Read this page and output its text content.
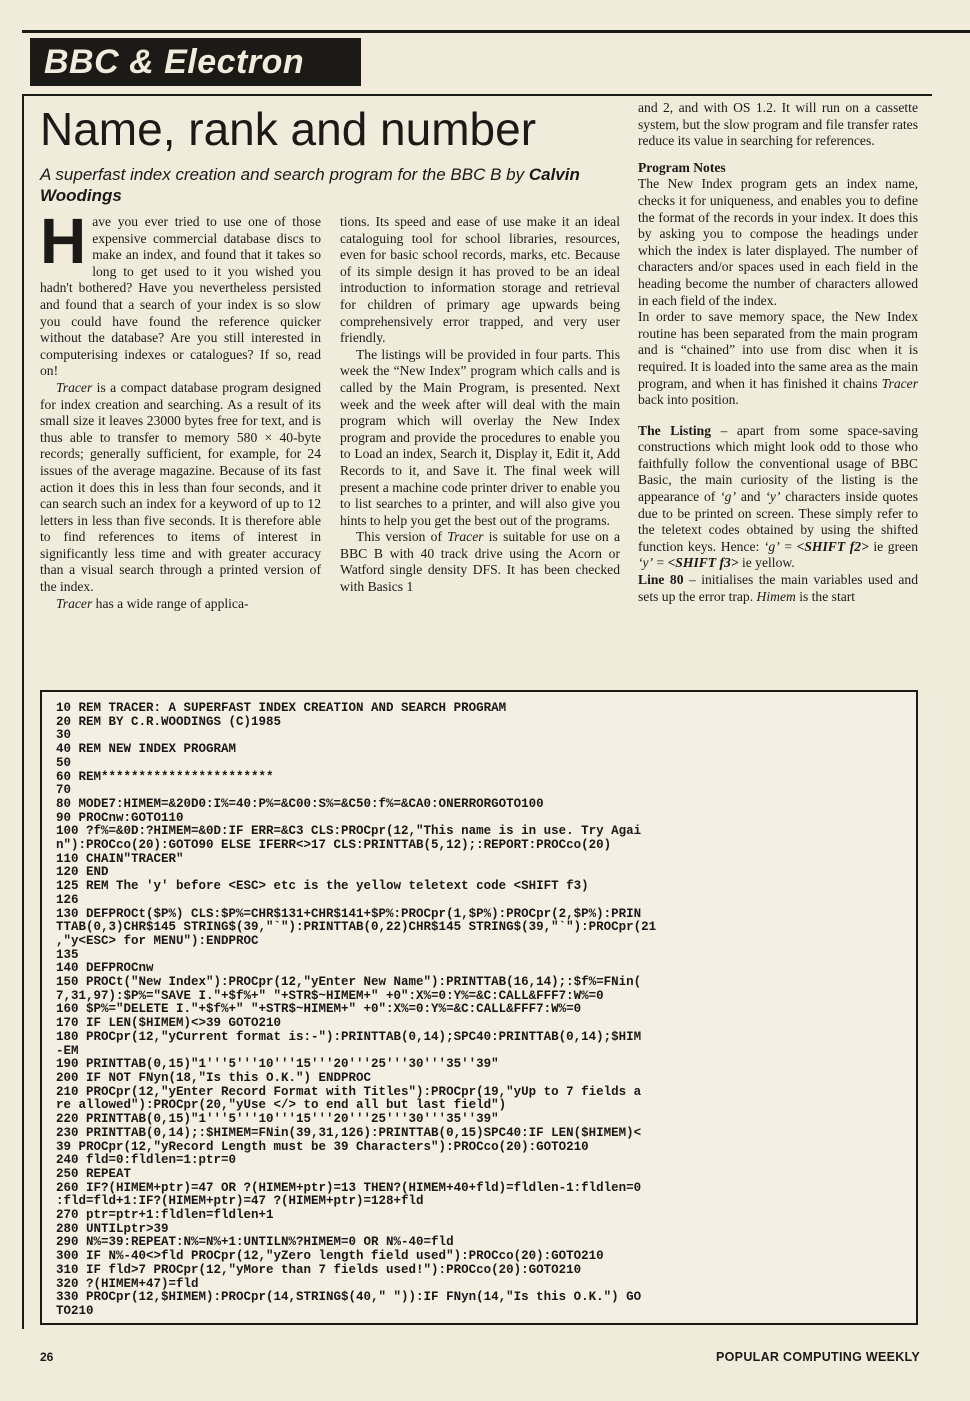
BBC & Electron
Name, rank and number
A superfast index creation and search program for the BBC B by Calvin Woodings

Have you ever tried to use one of those expensive commercial database discs to make an index, and found that it takes so long to get used to it you wished you hadn't bothered? Have you nevertheless persisted and found that a search of your index is so slow you could have found the reference quicker without the database? Are you still interested in computerising indexes or catalogues? If so, read on!

Tracer is a compact database program designed for index creation and searching. As a result of its small size it leaves 23000 bytes free for text, and is thus able to transfer to memory 580 × 40-byte records; generally sufficient, for example, for 24 issues of the average magazine. Because of its fast action it does this in less than four seconds, and it can search such an index for a keyword of up to 12 letters in less than five seconds. It is therefore able to find references to items of interest in significantly less time and with greater accuracy than a visual search through a printed version of the index.

Tracer has a wide range of applica-

tions. Its speed and ease of use make it an ideal cataloguing tool for school libraries, resources, even for basic school records, marks, etc. Because of its simple design it has proved to be an ideal introduction to information storage and retrieval for children of primary age upwards being comprehensively error trapped, and very user friendly.

The listings will be provided in four parts. This week the “New Index” program which calls and is called by the Main Program, is presented. Next week and the week after will deal with the main program which will overlay the New Index program and provide the procedures to enable you to Load an index, Search it, Display it, Edit it, Add Records to it, and Save it. The final week will present a machine code printer driver to enable you to list searches to a printer, and will also give you hints to help you get the best out of the programs.

This version of Tracer is suitable for use on a BBC B with 40 track drive using the Acorn or Watford single density DFS. It has been checked with Basics 1

and 2, and with OS 1.2. It will run on a cassette system, but the slow program and file transfer rates reduce its value in searching for references.

Program Notes

The New Index program gets an index name, checks it for uniqueness, and enables you to define the format of the records in your index. It does this by asking you to compose the headings under which the index is later displayed. The number of characters and/or spaces used in each field in the heading become the number of characters allowed in each field of the index.

In order to save memory space, the New Index routine has been separated from the main program and is “chained” into use from disc when it is required. It is loaded into the same area as the main program, and when it has finished it chains Tracer back into position.

The Listing – apart from some space-saving constructions which might look odd to those who faithfully follow the conventional usage of BBC Basic, the main curiosity of the listing is the appearance of ‘g’ and ‘y’ characters inside quotes due to be printed on screen. These simply refer to the teletext codes obtained by using the shifted function keys. Hence: ‘g’ = <SHIFT f2> ie green ‘y’ = <SHIFT f3> ie yellow.

Line 80 – initialises the main variables used and sets up the error trap. Himem is the start

10 REM TRACER: A SUPERFAST INDEX CREATION AND SEARCH PROGRAM
20 REM BY C.R.WOODINGS (C)1985
30
40 REM NEW INDEX PROGRAM
50
60 REM***********************
70
80 MODE7:HIMEM=&20D0:I%=40:P%=&C00:S%=&C50:f%=&CA0:ONERRORGOTO100
90 PROCnw:GOTO110
100 ?f%=&0D:?HIMEM=&0D:IF ERR=&C3 CLS:PROCpr(12,"This name is in use. Try Agai
n"):PROCco(20):GOTO90 ELSE IFERR<>17 CLS:PRINTTAB(5,12);:REPORT:PROCco(20)
110 CHAIN"TRACER"
120 END
125 REM The 'y' before <ESC> etc is the yellow teletext code <SHIFT f3)
126
130 DEFPROCt($P%) CLS:$P%=CHR$131+CHR$141+$P%:PROCpr(1,$P%):PROCpr(2,$P%):PRIN
TTAB(0,3)CHR$145 STRING$(39,"`"):PRINTTAB(0,22)CHR$145 STRING$(39,"`"):PROCpr(21
,"y<ESC> for MENU"):ENDPROC
135
140 DEFPROCnw
150 PROCt("New Index"):PROCpr(12,"yEnter New Name"):PRINTTAB(16,14);:$f%=FNin(
7,31,97):$P%="SAVE I."+$f%+" "+STR$~HIMEM+" +0":X%=0:Y%=&C:CALL&FFF7:W%=0
160 $P%="DELETE I."+$f%+" "+STR$~HIMEM+" +0":X%=0:Y%=&C:CALL&FFF7:W%=0
170 IF LEN($HIMEM)<>39 GOTO210
180 PROCpr(12,"yCurrent format is:-"):PRINTTAB(0,14);SPC40:PRINTTAB(0,14);$HIM
-EM
190 PRINTTAB(0,15)"1'''5'''10'''15'''20'''25'''30'''35''39"
200 IF NOT FNyn(18,"Is this O.K.") ENDPROC
210 PROCpr(12,"yEnter Record Format with Titles"):PROCpr(19,"yUp to 7 fields a
re allowed"):PROCpr(20,"yUse </> to end all but last field")
220 PRINTTAB(0,15)"1'''5'''10'''15'''20'''25'''30'''35''39"
230 PRINTTAB(0,14);:$HIMEM=FNin(39,31,126):PRINTTAB(0,15)SPC40:IF LEN($HIMEM)<
39 PROCpr(12,"yRecord Length must be 39 Characters"):PROCco(20):GOTO210
240 fld=0:fldlen=1:ptr=0
250 REPEAT
260 IF?(HIMEM+ptr)=47 OR ?(HIMEM+ptr)=13 THEN?(HIMEM+40+fld)=fldlen-1:fldlen=0
:fld=fld+1:IF?(HIMEM+ptr)=47 ?(HIMEM+ptr)=128+fld
270 ptr=ptr+1:fldlen=fldlen+1
280 UNTILptr>39
290 N%=39:REPEAT:N%=N%+1:UNTILN%?HIMEM=0 OR N%-40=fld
300 IF N%-40<>fld PROCpr(12,"yZero length field used"):PROCco(20):GOTO210
310 IF fld>7 PROCpr(12,"yMore than 7 fields used!"):PROCco(20):GOTO210
320 ?(HIMEM+47)=fld
330 PROCpr(12,$HIMEM):PROCpr(14,STRING$(40," ")):IF FNyn(14,"Is this O.K.") GO
TO210
26	POPULAR COMPUTING WEEKLY
